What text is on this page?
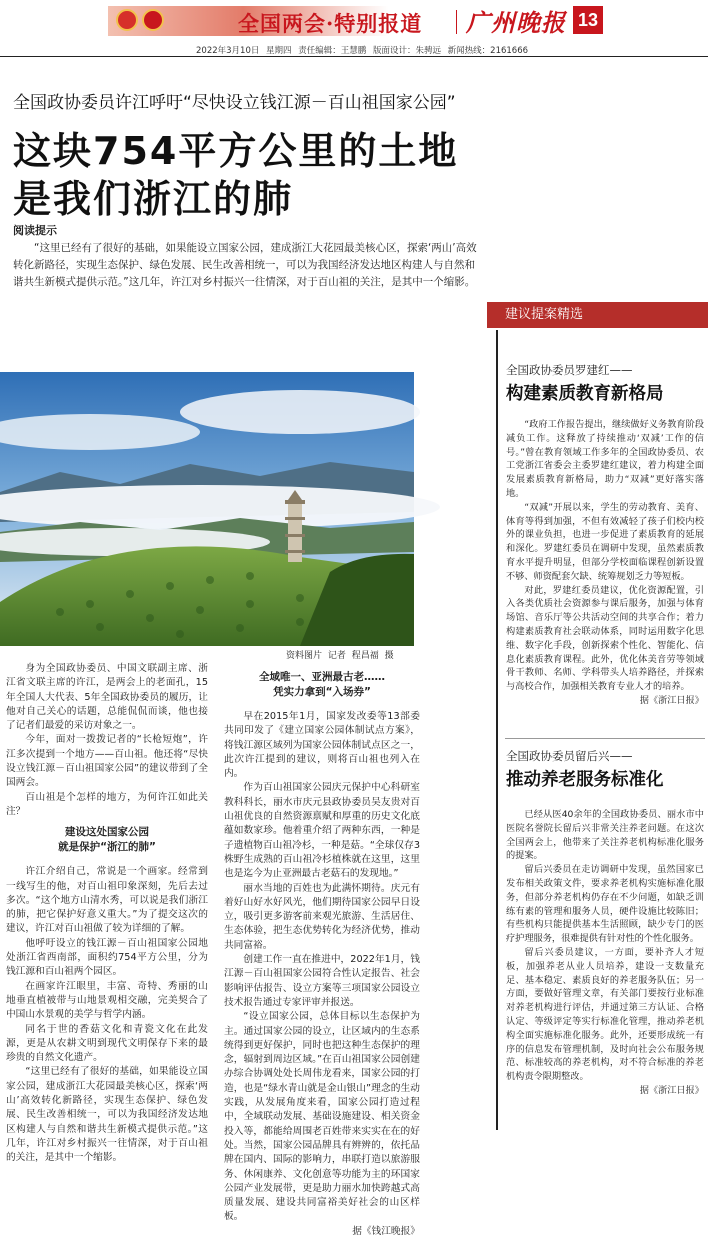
全国两会·特别报道 广州晚报 13
2022年3月10日 星期四 责任编辑：王慧鹏 版面设计：朱骋远 新闻热线：2161666
全国政协委员许江呼吁“尽快设立钱江源－百山祖国家公园”
这块754平方公里的土地
是我们浙江的肺
阅读提示
“这里已经有了很好的基础，如果能设立国家公园，建成浙江大花园最美核心区，探索‘两山’高效转化新路径，实现生态保护、绿色发展、民生改善相统一，可以为我国经济发达地区构建人与自然和谐共生新模式提供示范。”这几年，许江对乡村振兴一往情深，对于百山祖的关注，是其中一个缩影。
资料图片 记者 程昌福 摄

身为全国政协委员、中国文联副主席、浙江省文联主席的许江，是两会上的老面孔，15年全国人大代表、5年全国政协委员的履历，让他对自己关心的话题，总能侃侃而谈，他也接了记者们最爱的采访对象之一。

今年，面对一拨拨记者的“长枪短炮”，许江多次提到一个地方——百山祖。他还将“尽快设立钱江源－百山祖国家公园”的建议带到了全国两会。

百山祖是个怎样的地方，为何许江如此关注？

建设这处国家公园
就是保护“浙江的肺”

许江介绍自己，常说是一个画家。经常到一线写生的他，对百山祖印象深刻，先后去过多次。“这个地方山清水秀，可以说是我们浙江的肺，把它保护好意义重大。”为了提交这次的建议，许江对百山祖做了较为详细的了解。

他呼吁设立的钱江源－百山祖国家公园地处浙江省西南部，面积约754平方公里，分为钱江源和百山祖两个园区。

在画家许江眼里，丰富、奇特、秀丽的山地垂直植被带与山地景观相交融，完美契合了中国山水景观的美学与哲学内涵。

同名于世的香菇文化和青瓷文化在此发源，更是从农耕文明到现代文明保存下来的最珍贵的自然文化遗产。

“这里已经有了很好的基础，如果能设立国家公园，建成浙江大花园最美核心区，探索‘两山’高效转化新路径，实现生态保护、绿色发展、民生改善相统一，可以为我国经济发达地区构建人与自然和谐共生新模式提供示范。”这几年，许江对乡村振兴一往情深，对于百山祖的关注，是其中一个缩影。

全域唯一、亚洲最古老……
凭实力拿到“入场券”

早在2015年1月，国家发改委等13部委共同印发了《建立国家公园体制试点方案》，将钱江源区域列为国家公园体制试点区之一，此次许江提到的建议，则将百山祖也列入在内。

作为百山祖国家公园庆元保护中心科研室教科科长，丽水市庆元县政协委员吴友贵对百山祖优良的自然资源禀赋和厚重的历史文化底蕴如数家珍。他着重介绍了两种东西，一种是子遗植物百山祖冷杉，一种是菇。“全球仅存3株野生成熟的百山祖冷杉植株就在这里，这里也是迄今为止亚洲最古老菇石的发现地。”

丽水当地的百姓也为此满怀期待。庆元有着好山好水好风光，他们期待国家公园早日设立，吸引更多游客前来观光旅游、生活居住、生态体验，把生态优势转化为经济优势，推动共同富裕。

创建工作一直在推进中，2022年1月，钱江源－百山祖国家公园符合性认定报告、社会影响评估报告、设立方案等三项国家公园设立技术报告通过专家评审并报送。

“设立国家公园，总体目标以生态保护为主。通过国家公园的设立，让区域内的生态系统得到更好保护，同时也把这种生态保护的理念，辐射到周边区域。”在百山祖国家公园创建办综合协调处处长周伟龙看来，国家公园的打造，也是“绿水青山就是金山银山”理念的生动实践，从发展角度来看，国家公园打造过程中，全域联动发展、基础设施建设、相关资金投入等，都能给周围老百姓带来实实在在的好处。当然，国家公园品牌具有辨辨的，依托品牌在国内、国际的影响力，串联打造以旅游服务、休闲康养、文化创意等功能为主的环国家公园产业发展带，更是助力丽水加快跨越式高质量发展、建设共同富裕美好社会的山区样板。

据《钱江晚报》

建议提案精选
全国政协委员罗建红——
构建素质教育新格局

“政府工作报告提出，继续做好义务教育阶段减负工作。这释放了持续推动‘双减’工作的信号。”曾在教育领域工作多年的全国政协委员、农工党浙江省委会主委罗建红建议，着力构建全面发展素质教育新格局，助力“双减”更好落实落地。

“双减”开展以来，学生的劳动教育、美育、体育等得到加强，不但有效减轻了孩子们校内校外的课业负担，也进一步促进了素质教育的延展和深化。罗建红委员在调研中发现，虽然素质教育水平提升明显，但部分学校面临课程创新设置不够、师资配套欠缺、统筹规划乏力等短板。

对此，罗建红委员建议，优化资源配置，引入各类优质社会资源参与课后服务，加强与体育场馆、音乐厅等公共活动空间的共享合作；着力构建素质教育社会联动体系，同时运用数字化思维、数字化手段，创新探索个性化、智能化、信息化素质教育课程。此外，优化体美音劳等领域骨干教师、名师、学科带头人培养路径，并探索与高校合作，加强相关教育专业人才的培养。

据《浙江日报》

全国政协委员留后兴——
推动养老服务标准化

已经从医40余年的全国政协委员、丽水市中医院名誉院长留后兴非常关注养老问题。在这次全国两会上，他带来了关注养老机构标准化服务的提案。

留后兴委员在走访调研中发现，虽然国家已发布相关政策文件，要求养老机构实施标准化服务，但部分养老机构仍存在不少问题，如缺乏训练有素的管理和服务人员，硬件设施比较陈旧；有些机构只能提供基本生活照顾，缺少专门的医疗护理服务，很难提供有针对性的个性化服务。

留后兴委员建议，一方面，要补齐人才短板，加强养老从业人员培养，建设一支数量充足、基本稳定、素质良好的养老服务队伍；另一方面，要做好管理文章，有关部门要按行业标准对养老机构进行评估，并通过第三方认证、合格认定、等级评定等实行标准化管理，推动养老机构全面实施标准化服务。此外，还要形成统一有序的信息发布管理机制，及时向社会公布服务规范、标准较高的养老机构，对不符合标准的养老机构责令限期整改。

据《浙江日报》
